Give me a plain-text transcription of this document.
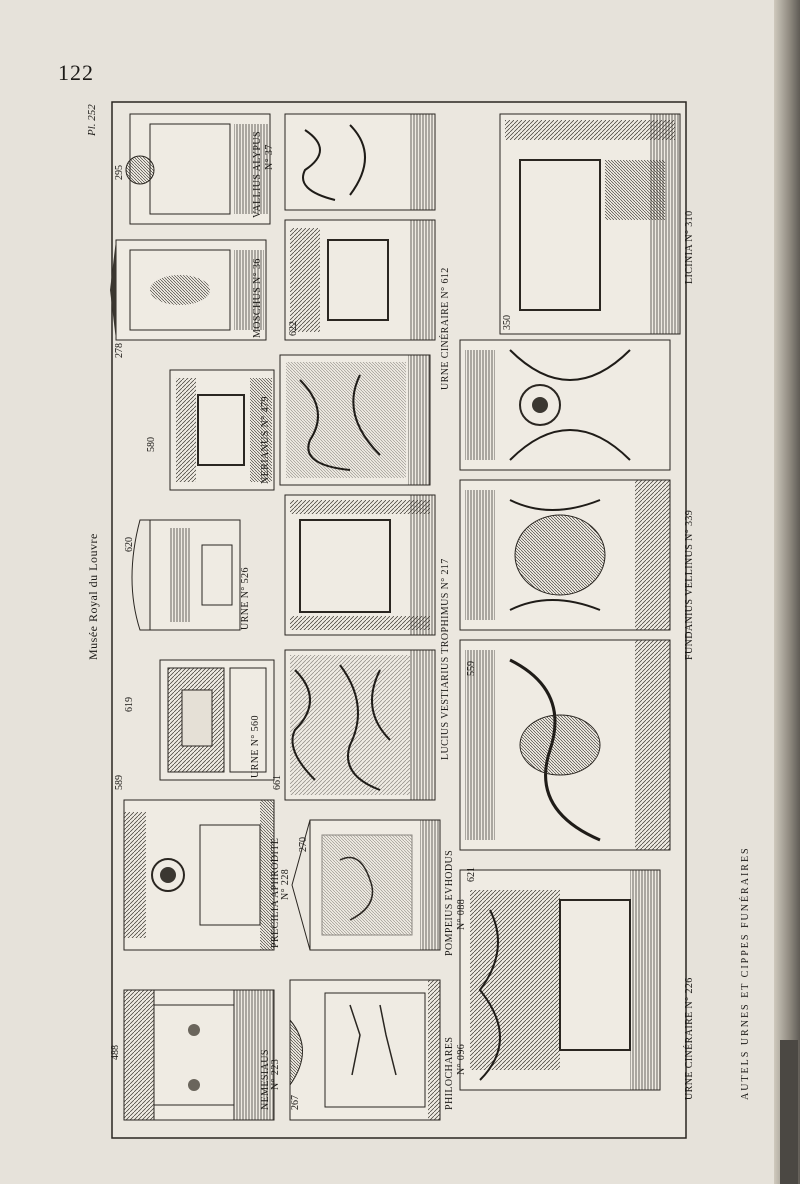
122
Musée Royal du Louvre
Pl. 252
295	VALLIUS ALYPUS N° 37
278
MOSCHUS N° 36
580	NERIANUS N° 479
620
URNE N° 526
619
URNE N° 560
589
PRECILIA APHRODITE N° 228
488	NEMESIAUS N° 223
622	URNE CINÉRAIRE N° 612
661
LUCIUS VESTIARIUS TROPHIMUS N° 217
270
POMPEIUS EVHODUS N° 088
267	PHILOCHARES N° 096
350
LICINIA N° 310
559
FUNDANIUS VELLINUS N° 339
621
URNE CINÉRAIRE N° 226	AUTELS URNES ET CIPPES FUNÉRAIRES
